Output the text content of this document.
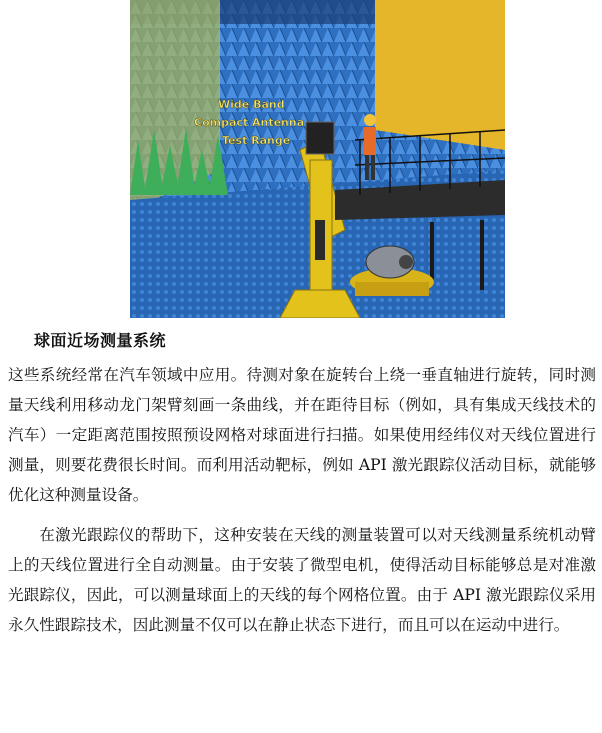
Wide Band
Compact Antenna
Test Range
球面近场测量系统

这些系统经常在汽车领域中应用。待测对象在旋转台上绕一垂直轴进行旋转，同时测量天线利用移动龙门架臂刻画一条曲线，并在距待目标（例如，具有集成天线技术的汽车）一定距离范围按照预设网格对球面进行扫描。如果使用经纬仪对天线位置进行测量，则要花费很长时间。而利用活动靶标，例如 API 激光跟踪仪活动目标，就能够优化这种测量设备。

在激光跟踪仪的帮助下，这种安装在天线的测量装置可以对天线测量系统机动臂上的天线位置进行全自动测量。由于安装了微型电机，使得活动目标能够总是对准激光跟踪仪，因此，可以测量球面上的天线的每个网格位置。由于 API 激光跟踪仪采用永久性跟踪技术，因此测量不仅可以在静止状态下进行，而且可以在运动中进行。
